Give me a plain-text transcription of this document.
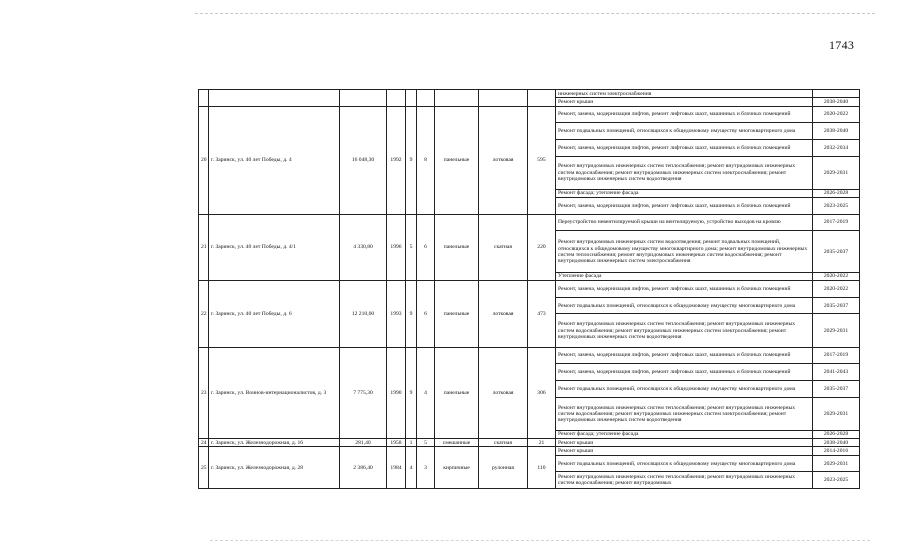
1743
									инженерных систем электроснабжения	
									Ремонт крыши	2038-2040
20	г. Заринск, ул. 40 лет Победы, д. 4	16 048,30	1992	9	8	панельные	лотковая	595	Ремонт, замена, модернизация лифтов, ремонт лифтовых шахт, машинных и блочных помещений	2020-2022
									Ремонт подвальных помещений, относящихся к общедомовому имуществу многоквартирного дома	2038-2040
									Ремонт, замена, модернизация лифтов, ремонт лифтовых шахт, машинных и блочных помещений	2032-2034
									Ремонт внутридомовых инженерных систем теплоснабжения; ремонт внутридомовых инженерных систем водоснабжения; ремонт внутридомовых инженерных систем электроснабжения; ремонт внутридомовых инженерных систем водоотведения	2029-2031
									Ремонт фасада; утепление фасада	2026-2028
									Ремонт, замена, модернизация лифтов, ремонт лифтовых шахт, машинных и блочных помещений	2023-2025
21	г. Заринск, ул. 40 лет Победы, д. 4/1	4 330,80	1996	5	6	панельные	скатная	220	Переустройство невентилируемой крыши на вентилируемую, устройство выходов на кровлю	2017-2019
									Ремонт внутридомовых инженерных систем водоотведения; ремонт подвальных помещений, относящихся к общедомовому имуществу многоквартирного дома; ремонт внутридомовых инженерных систем теплоснабжения; ремонт внутридомовых инженерных систем водоснабжения; ремонт внутридомовых инженерных систем электроснабжения	2035-2037
									Утепление фасада	2020-2022
22	г. Заринск, ул. 40 лет Победы, д. 6	12 210,00	1993	9	6	панельные	лотковая	473	Ремонт, замена, модернизация лифтов, ремонт лифтовых шахт, машинных и блочных помещений	2020-2022
									Ремонт подвальных помещений, относящихся к общедомовому имуществу многоквартирного дома	2035-2037
									Ремонт внутридомовых инженерных систем теплоснабжения; ремонт внутридомовых инженерных систем водоснабжения; ремонт внутридомовых инженерных систем электроснабжения; ремонт внутридомовых инженерных систем водоотведения	2029-2031
23	г. Заринск, ул. Воинов-интернационалистов, д. 3	7 775,30	1990	9	4	панельные	лотковая	306	Ремонт, замена, модернизация лифтов, ремонт лифтовых шахт, машинных и блочных помещений	2017-2019
									Ремонт, замена, модернизация лифтов, ремонт лифтовых шахт, машинных и блочных помещений	2041-2043
									Ремонт подвальных помещений, относящихся к общедомовому имуществу многоквартирного дома	2035-2037
									Ремонт внутридомовых инженерных систем теплоснабжения; ремонт внутридомовых инженерных систем водоснабжения; ремонт внутридомовых инженерных систем электроснабжения; ремонт внутридомовых инженерных систем водоотведения	2029-2031
									Ремонт фасада; утепление фасада	2026-2028
24	г. Заринск, ул. Железнодорожная, д. 16	281,40	1958	1	5	смешанные	скатная	21	Ремонт крыши	2038-2040
25	г. Заринск, ул. Железнодорожная, д. 28	2 386,40	1984	4	3	кирпичные	рулонная	110	Ремонт крыши	2014-2016
									Ремонт подвальных помещений, относящихся к общедомовому имуществу многоквартирного дома	2029-2031
									Ремонт внутридомовых инженерных систем теплоснабжения; ремонт внутридомовых инженерных систем водоснабжения; ремонт внутридомовых	2023-2025
